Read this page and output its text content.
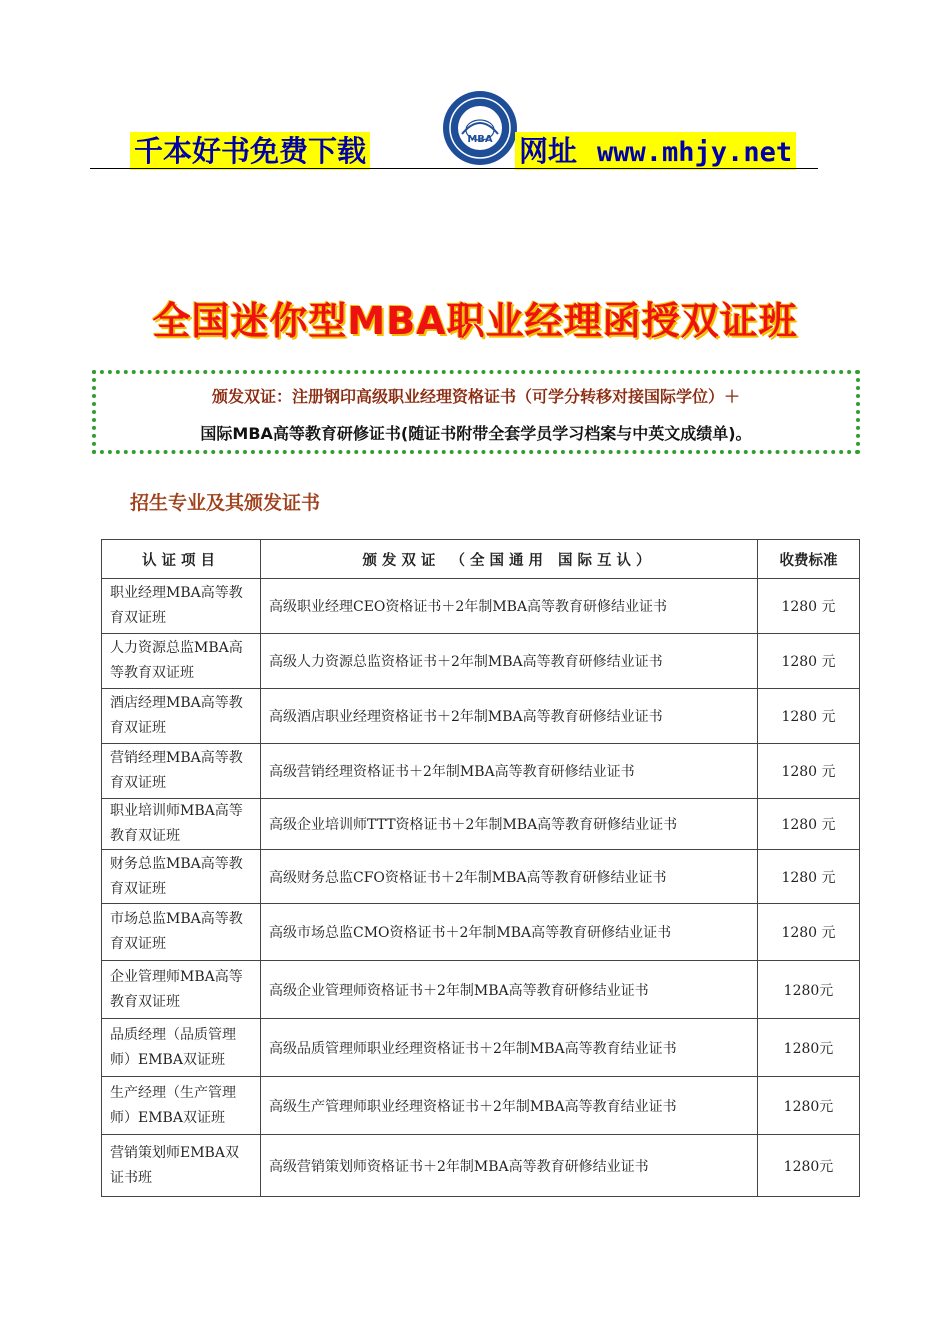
千本好书免费下载	MBA 网址 www.mhjy.net
全国迷你型MBA职业经理函授双证班
颁发双证：注册钢印高级职业经理资格证书（可学分转移对接国际学位）＋
国际MBA高等教育研修证书(随证书附带全套学员学习档案与中英文成绩单)。
招生专业及其颁发证书
认证项目	颁发双证 （全国通用 国际互认）	收费标准
职业经理MBA高等教育双证班	高级职业经理CEO资格证书＋2年制MBA高等教育研修结业证书	1280 元
人力资源总监MBA高等教育双证班	高级人力资源总监资格证书＋2年制MBA高等教育研修结业证书	1280 元
酒店经理MBA高等教育双证班	高级酒店职业经理资格证书＋2年制MBA高等教育研修结业证书	1280 元
营销经理MBA高等教育双证班	高级营销经理资格证书＋2年制MBA高等教育研修结业证书	1280 元
职业培训师MBA高等教育双证班	高级企业培训师TTT资格证书＋2年制MBA高等教育研修结业证书	1280 元
财务总监MBA高等教育双证班	高级财务总监CFO资格证书＋2年制MBA高等教育研修结业证书	1280 元
市场总监MBA高等教育双证班	高级市场总监CMO资格证书＋2年制MBA高等教育研修结业证书	1280 元
企业管理师MBA高等教育双证班	高级企业管理师资格证书＋2年制MBA高等教育研修结业证书	1280元
品质经理（品质管理师）EMBA双证班	高级品质管理师职业经理资格证书＋2年制MBA高等教育结业证书	1280元
生产经理（生产管理师）EMBA双证班	高级生产管理师职业经理资格证书＋2年制MBA高等教育结业证书	1280元
营销策划师EMBA双证书班	高级营销策划师资格证书＋2年制MBA高等教育研修结业证书	1280元
